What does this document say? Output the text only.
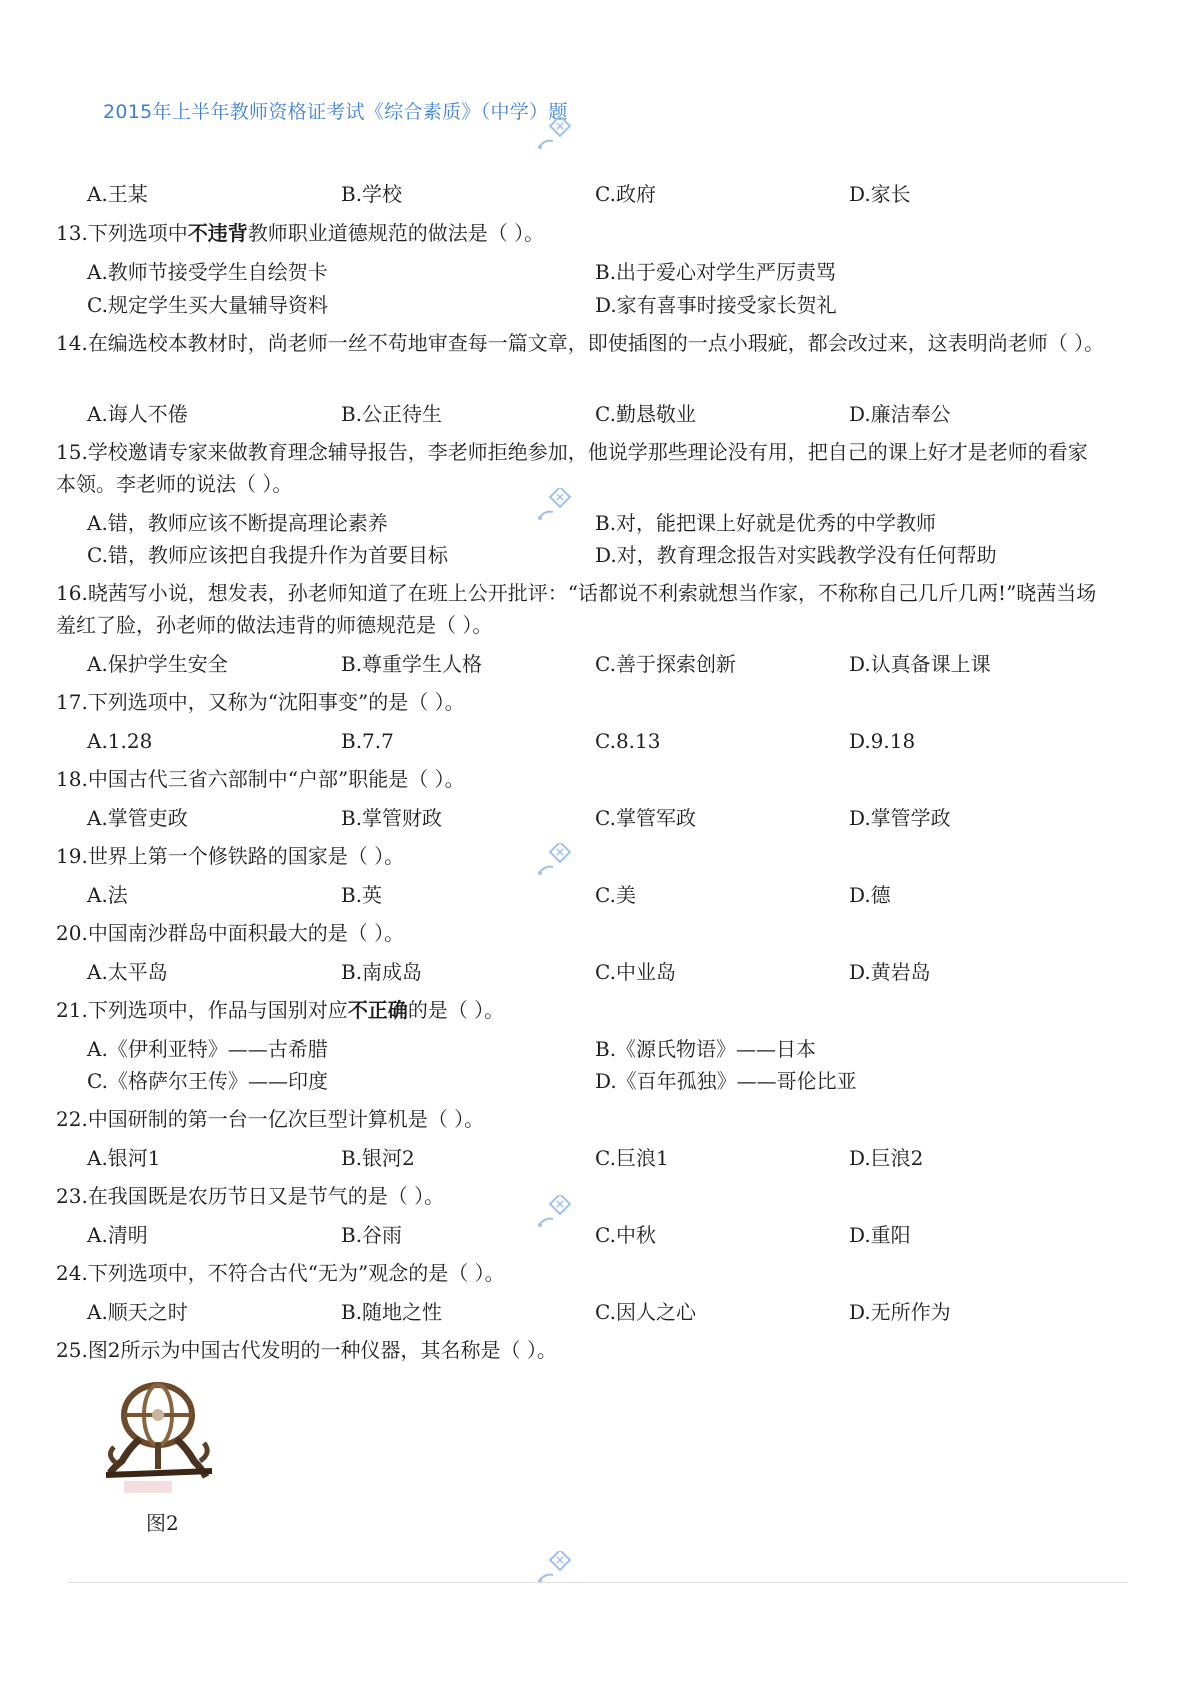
2015年上半年教师资格证考试《综合素质》（中学）题
A.王某	B.学校	C.政府	D.家长
13.下列选项中不违背教师职业道德规范的做法是（ ）。
A.教师节接受学生自绘贺卡	B.出于爱心对学生严厉责骂
C.规定学生买大量辅导资料	D.家有喜事时接受家长贺礼
14.在编选校本教材时，尚老师一丝不苟地审查每一篇文章，即使插图的一点小瑕疵，都会改过来，这表明尚老师（ ）。
A.诲人不倦	B.公正待生	C.勤恳敬业	D.廉洁奉公
15.学校邀请专家来做教育理念辅导报告，李老师拒绝参加，他说学那些理论没有用，把自己的课上好才是老师的看家本领。李老师的说法（ ）。
A.错，教师应该不断提高理论素养	B.对，能把课上好就是优秀的中学教师
C.错，教师应该把自我提升作为首要目标	D.对，教育理念报告对实践教学没有任何帮助
16.晓茜写小说，想发表，孙老师知道了在班上公开批评：“话都说不利索就想当作家，不称称自己几斤几两!”晓茜当场羞红了脸，孙老师的做法违背的师德规范是（ ）。
A.保护学生安全	B.尊重学生人格	C.善于探索创新	D.认真备课上课
17.下列选项中，又称为“沈阳事变”的是（ ）。
A.1.28	B.7.7	C.8.13	D.9.18
18.中国古代三省六部制中“户部”职能是（ ）。
A.掌管吏政	B.掌管财政	C.掌管军政	D.掌管学政
19.世界上第一个修铁路的国家是（ ）。
A.法	B.英	C.美	D.德
20.中国南沙群岛中面积最大的是（ ）。
A.太平岛	B.南成岛	C.中业岛	D.黄岩岛
21.下列选项中，作品与国别对应不正确的是（ ）。
A.《伊利亚特》——古希腊	B.《源氏物语》——日本
C.《格萨尔王传》——印度	D.《百年孤独》——哥伦比亚
22.中国研制的第一台一亿次巨型计算机是（ ）。
A.银河1	B.银河2	C.巨浪1	D.巨浪2
23.在我国既是农历节日又是节气的是（ ）。
A.清明	B.谷雨	C.中秋	D.重阳
24.下列选项中，不符合古代“无为”观念的是（ ）。
A.顺天之时	B.随地之性	C.因人之心	D.无所作为
25.图2所示为中国古代发明的一种仪器，其名称是（ ）。
图2
